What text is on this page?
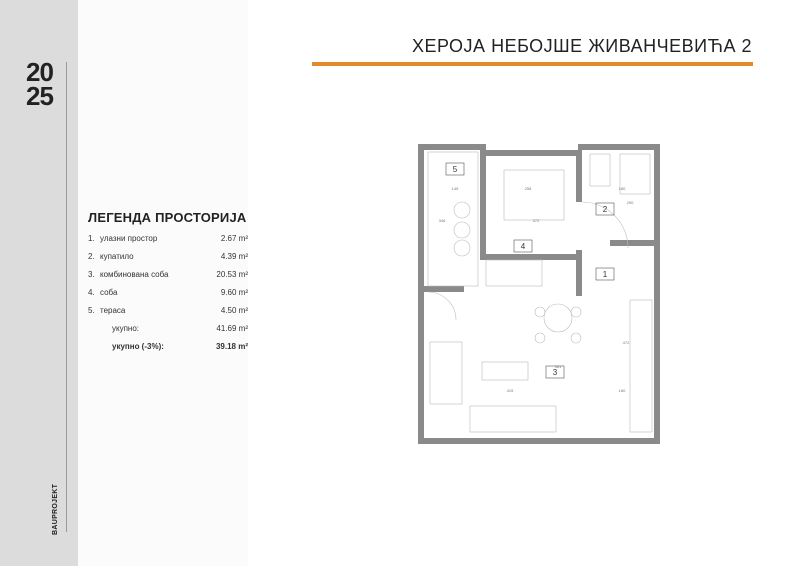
20
25
BAUPROJEKT
ХЕРОЈА НЕБОЈШЕ ЖИВАНЧЕВИЋА 2
ЛЕГЕНДА ПРОСТОРИЈА
1. улазни простор	2.67 m²
2. купатило	4.39 m²
3. комбинована соба	20.53 m²
4. соба	9.60 m²
5. тераса	4.50 m²
укупно:	41.69 m²
укупно (-3%):	39.18 m²
5
2
1
4
3
145	258	180
346	372
290
415	180
472
361
